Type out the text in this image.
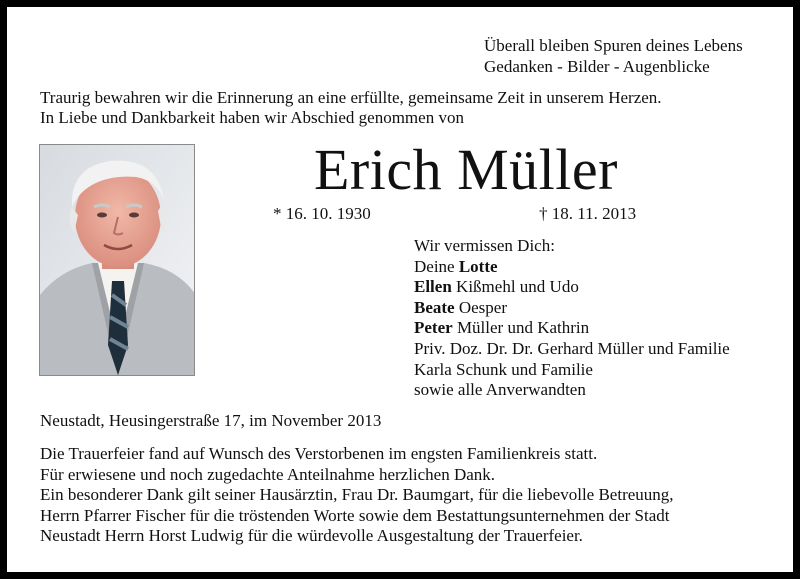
Überall bleiben Spuren deines Lebens
Gedanken - Bilder - Augenblicke
Traurig bewahren wir die Erinnerung an eine erfüllte, gemeinsame Zeit in unserem Herzen.
In Liebe und Dankbarkeit haben wir Abschied genommen von
Erich Müller
* 16. 10. 1930	† 18. 11. 2013
Wir vermissen Dich:
Deine Lotte
Ellen Kißmehl und Udo
Beate Oesper
Peter Müller und Kathrin
Priv. Doz. Dr. Dr. Gerhard Müller und Familie
Karla Schunk und Familie
sowie alle Anverwandten
Neustadt, Heusingerstraße 17, im November 2013
Die Trauerfeier fand auf Wunsch des Verstorbenen im engsten Familienkreis statt.
Für erwiesene und noch zugedachte Anteilnahme herzlichen Dank.
Ein besonderer Dank gilt seiner Hausärztin, Frau Dr. Baumgart, für die liebevolle Betreuung,
Herrn Pfarrer Fischer für die tröstenden Worte sowie dem Bestattungsunternehmen der Stadt
Neustadt Herrn Horst Ludwig für die würdevolle Ausgestaltung der Trauerfeier.
